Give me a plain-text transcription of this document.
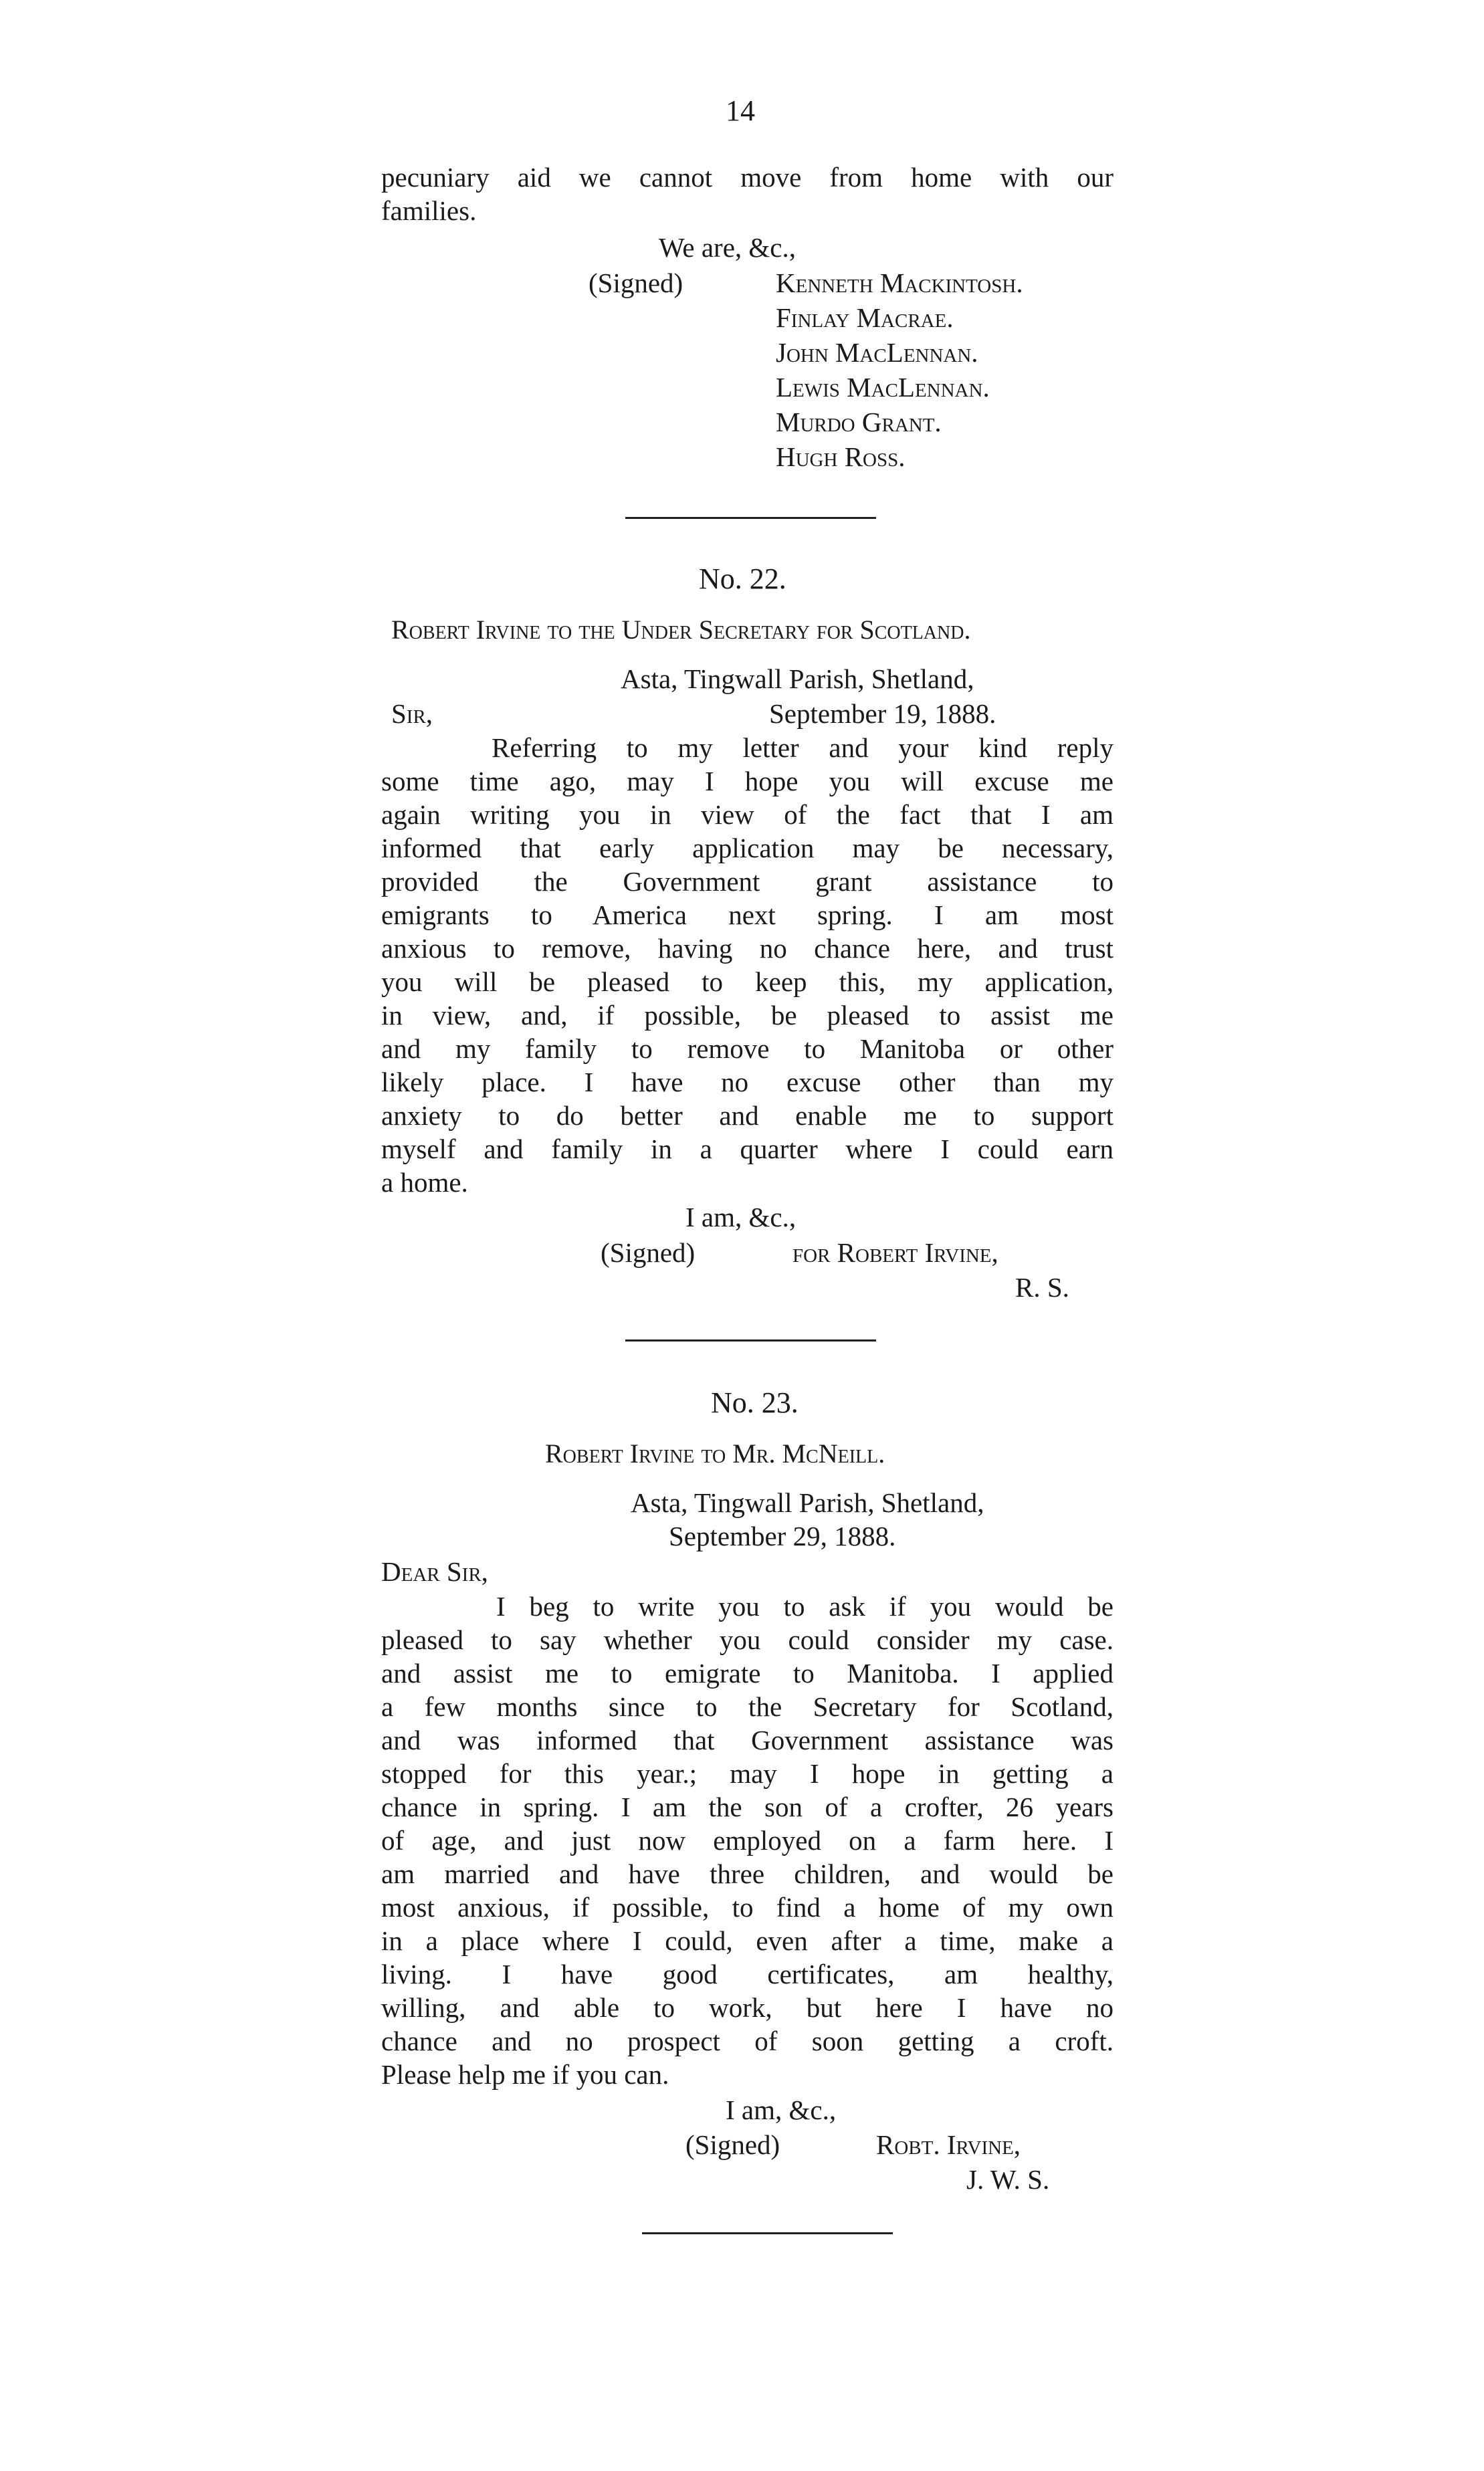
14
pecuniary aid we cannot move from home with our
families.
We are, &c.,
(Signed)	Kenneth Mackintosh.
Finlay Macrae.
John MacLennan.
Lewis MacLennan.
Murdo Grant.
Hugh Ross.
No. 22.
Robert Irvine to the Under Secretary for Scotland.
Asta, Tingwall Parish, Shetland,
Sir,	September 19, 1888.
Referring to my letter and your kind reply
some time ago, may I hope you will excuse me
again writing you in view of the fact that I am
informed that early application may be necessary,
provided the Government grant assistance to
emigrants to America next spring. I am most
anxious to remove, having no chance here, and trust
you will be pleased to keep this, my application,
in view, and, if possible, be pleased to assist me
and my family to remove to Manitoba or other
likely place. I have no excuse other than my
anxiety to do better and enable me to support
myself and family in a quarter where I could earn
a home.
I am, &c.,
(Signed)	for Robert Irvine,
R. S.
No. 23.
Robert Irvine to Mr. McNeill.
Asta, Tingwall Parish, Shetland,
September 29, 1888.
Dear Sir,
I beg to write you to ask if you would be
pleased to say whether you could consider my case.
and assist me to emigrate to Manitoba. I applied
a few months since to the Secretary for Scotland,
and was informed that Government assistance was
stopped for this year.; may I hope in getting a
chance in spring. I am the son of a crofter, 26 years
of age, and just now employed on a farm here. I
am married and have three children, and would be
most anxious, if possible, to find a home of my own
in a place where I could, even after a time, make a
living. I have good certificates, am healthy,
willing, and able to work, but here I have no
chance and no prospect of soon getting a croft.
Please help me if you can.
I am, &c.,
(Signed)	Robt. Irvine,
J. W. S.
